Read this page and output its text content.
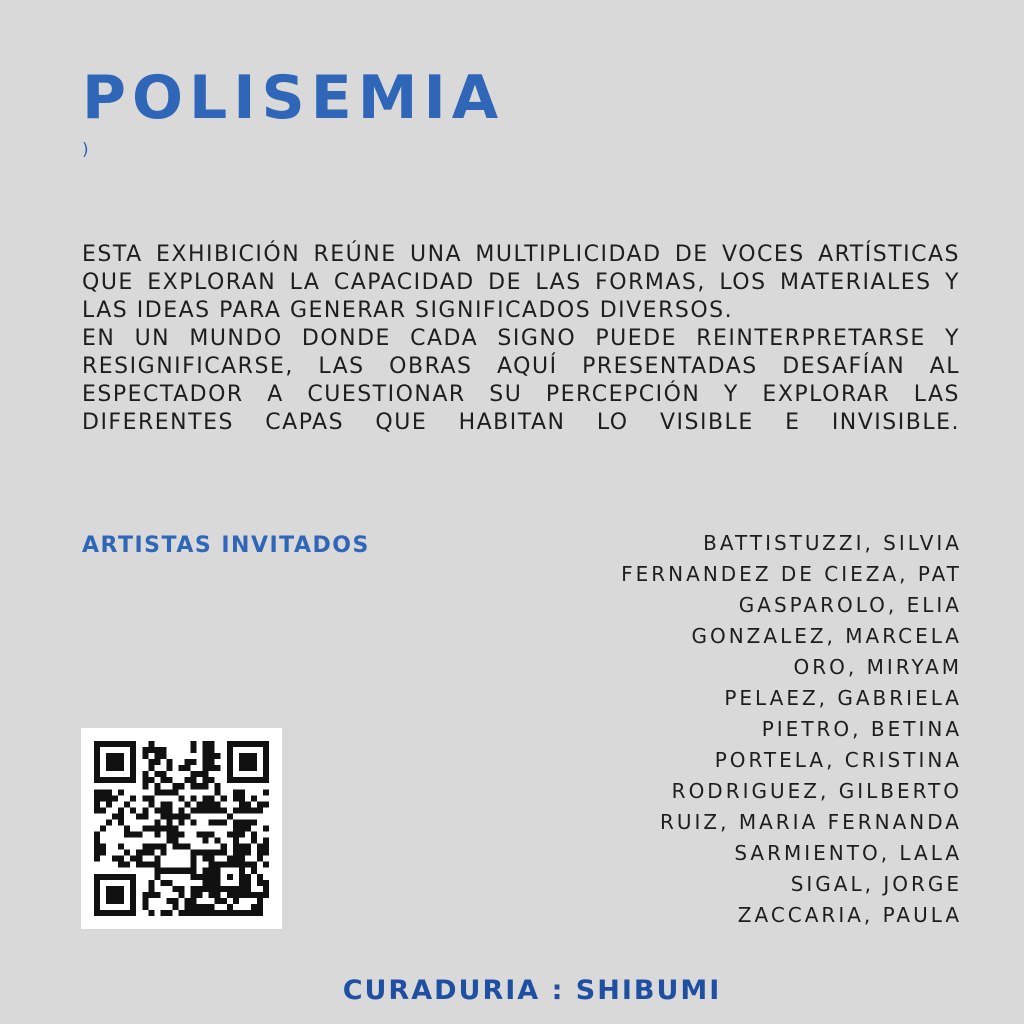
POLISEMIA
)

ESTA EXHIBICIÓN REÚNE UNA MULTIPLICIDAD DE VOCES ARTÍSTICAS QUE EXPLORAN LA CAPACIDAD DE LAS FORMAS, LOS MATERIALES Y LAS IDEAS PARA GENERAR SIGNIFICADOS DIVERSOS.

EN UN MUNDO DONDE CADA SIGNO PUEDE REINTERPRETARSE Y RESIGNIFICARSE, LAS OBRAS AQUÍ PRESENTADAS DESAFÍAN AL ESPECTADOR A CUESTIONAR SU PERCEPCIÓN Y EXPLORAR LAS DIFERENTES CAPAS QUE HABITAN LO VISIBLE E INVISIBLE.

ARTISTAS INVITADOS	BATTISTUZZI, SILVIA
FERNANDEZ DE CIEZA, PAT
GASPAROLO, ELIA
GONZALEZ, MARCELA
ORO, MIRYAM
PELAEZ, GABRIELA
PIETRO, BETINA
PORTELA, CRISTINA
RODRIGUEZ, GILBERTO
RUIZ, MARIA FERNANDA
SARMIENTO, LALA
SIGAL, JORGE
ZACCARIA, PAULA
CURADURIA : SHIBUMI
